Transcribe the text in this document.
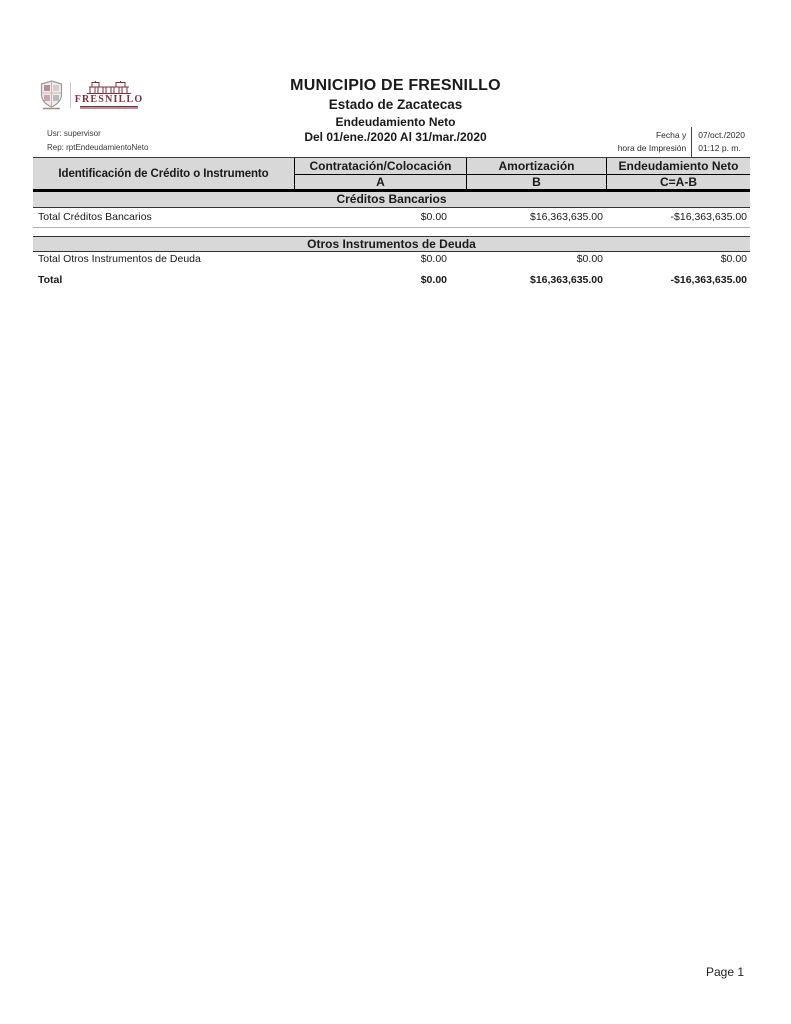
FRESNILLO
MUNICIPIO DE FRESNILLO
Estado de Zacatecas
Endeudamiento Neto
Del 01/ene./2020 Al 31/mar./2020
Usr: supervisor
Rep: rptEndeudamientoNeto
Fecha y
hora de Impresión
07/oct./2020
01:12 p. m.
Identificación de Crédito o Instrumento
Contratación/Colocación
A
Amortización
B
Endeudamiento Neto
C=A-B
Créditos Bancarios
Total Créditos Bancarios	$0.00	$16,363,635.00	-$16,363,635.00
Otros Instrumentos de Deuda
Total Otros Instrumentos de Deuda	$0.00	$0.00	$0.00
Total	$0.00	$16,363,635.00	-$16,363,635.00
Page 1
